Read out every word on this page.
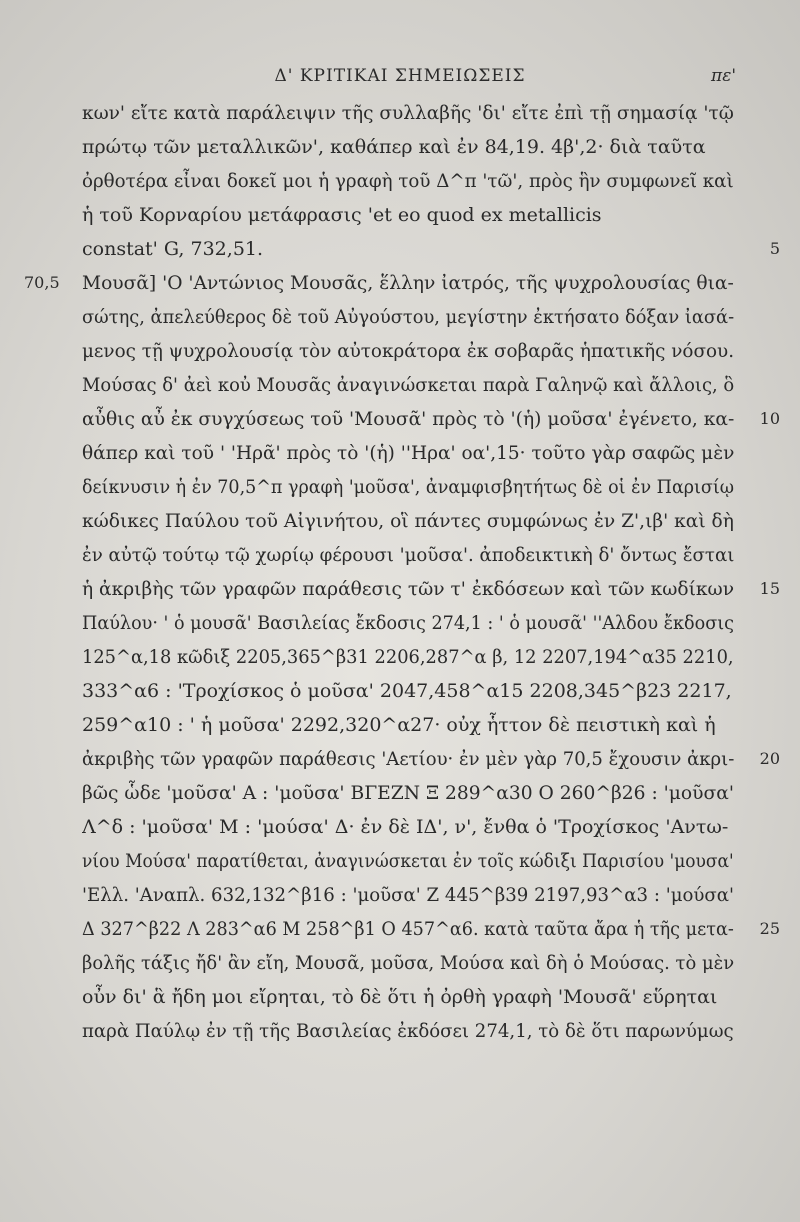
Δ' ΚΡΙΤΙΚΑΙ ΣΗΜΕΙΩΣΕΙΣ	πε'
κων' εἴτε κατὰ παράλειψιν τῆς συλλαβῆς 'δι' εἴτε ἐπὶ τῇ σημασίᾳ 'τῷ
πρώτῳ τῶν μεταλλικῶν', καθάπερ καὶ ἐν 84,19. 4β',2· διὰ ταῦτα
ὀρθοτέρα εἶναι δοκεῖ μοι ἡ γραφὴ τοῦ Δ^π 'τῶ', πρὸς ἣν συμφωνεῖ καὶ
ἡ τοῦ Κορναρίου μετάφρασις 'et eo quod ex metallicis
constat' G, 732,51.
Μουσᾶ] 'Ο 'Αντώνιος Μουσᾶς, ἕλλην ἰατρός, τῆς ψυχρολουσίας θια-
σώτης, ἀπελεύθερος δὲ τοῦ Αὐγούστου, μεγίστην ἐκτήσατο δόξαν ἰασά-
μενος τῇ ψυχρολουσίᾳ τὸν αὐτοκράτορα ἐκ σοβαρᾶς ἡπατικῆς νόσου.
Μούσας δ' ἀεὶ κοὐ Μουσᾶς ἀναγινώσκεται παρὰ Γαληνῷ καὶ ἄλλοις, ὃ
αὖθις αὖ ἐκ συγχύσεως τοῦ 'Μουσᾶ' πρὸς τὸ '(ἡ) μοῦσα' ἐγένετο, κα-
θάπερ καὶ τοῦ ' 'Ηρᾶ' πρὸς τὸ '(ἡ) ''Ηρα' οα',15· τοῦτο γὰρ σαφῶς μὲν
δείκνυσιν ἡ ἐν 70,5^π γραφὴ 'μοῦσα', ἀναμφισβητήτως δὲ οἱ ἐν Παρισίῳ
κώδικες Παύλου τοῦ Αἰγινήτου, οἳ πάντες συμφώνως ἐν Ζ',ιβ' καὶ δὴ
ἐν αὐτῷ τούτῳ τῷ χωρίῳ φέρουσι 'μοῦσα'. ἀποδεικτικὴ δ' ὄντως ἔσται
ἡ ἀκριβὴς τῶν γραφῶν παράθεσις τῶν τ' ἐκδόσεων καὶ τῶν κωδίκων
Παύλου· ' ὁ μουσᾶ' Βασιλείας ἔκδοσις 274,1 : ' ὁ μουσᾶ' ''Αλδου ἔκδοσις
125^α,18 κῶδιξ 2205,365^β31 2206,287^α β, 12 2207,194^α35 2210,
333^α6 : 'Τροχίσκος ὁ μοῦσα' 2047,458^α15 2208,345^β23 2217,
259^α10 : ' ἡ μοῦσα' 2292,320^α27· οὐχ ἧττον δὲ πειστικὴ καὶ ἡ
ἀκριβὴς τῶν γραφῶν παράθεσις 'Αετίου· ἐν μὲν γὰρ 70,5 ἔχουσιν ἀκρι-
βῶς ὧδε 'μοῦσα' Α : 'μοῦσα' ΒΓΕΖΝ Ξ 289^α30 Ο 260^β26 : 'μοῦσα'
Λ^δ : 'μοῦσα' Μ : 'μούσα' Δ· ἐν δὲ ΙΔ', ν', ἔνθα ὁ 'Τροχίσκος 'Αντω-
νίου Μούσα' παρατίθεται, ἀναγινώσκεται ἐν τοῖς κώδιξι Παρισίου 'μουσα'
'Ελλ. 'Αναπλ. 632,132^β16 : 'μοῦσα' Ζ 445^β39 2197,93^α3 : 'μούσα'
Δ 327^β22 Λ 283^α6 Μ 258^β1 Ο 457^α6. κατὰ ταῦτα ἄρα ἡ τῆς μετα-
βολῆς τάξις ἤδ' ἂν εἴη, Μουσᾶ, μοῦσα, Μούσα καὶ δὴ ὁ Μούσας. τὸ μὲν
οὖν δι' ἃ ἤδη μοι εἴρηται, τὸ δὲ ὅτι ἡ ὀρθὴ γραφὴ 'Μουσᾶ' εὕρηται
παρὰ Παύλῳ ἐν τῇ τῆς Βασιλείας ἐκδόσει 274,1, τὸ δὲ ὅτι παρωνύμως
70,5
5
10
15
20
25
